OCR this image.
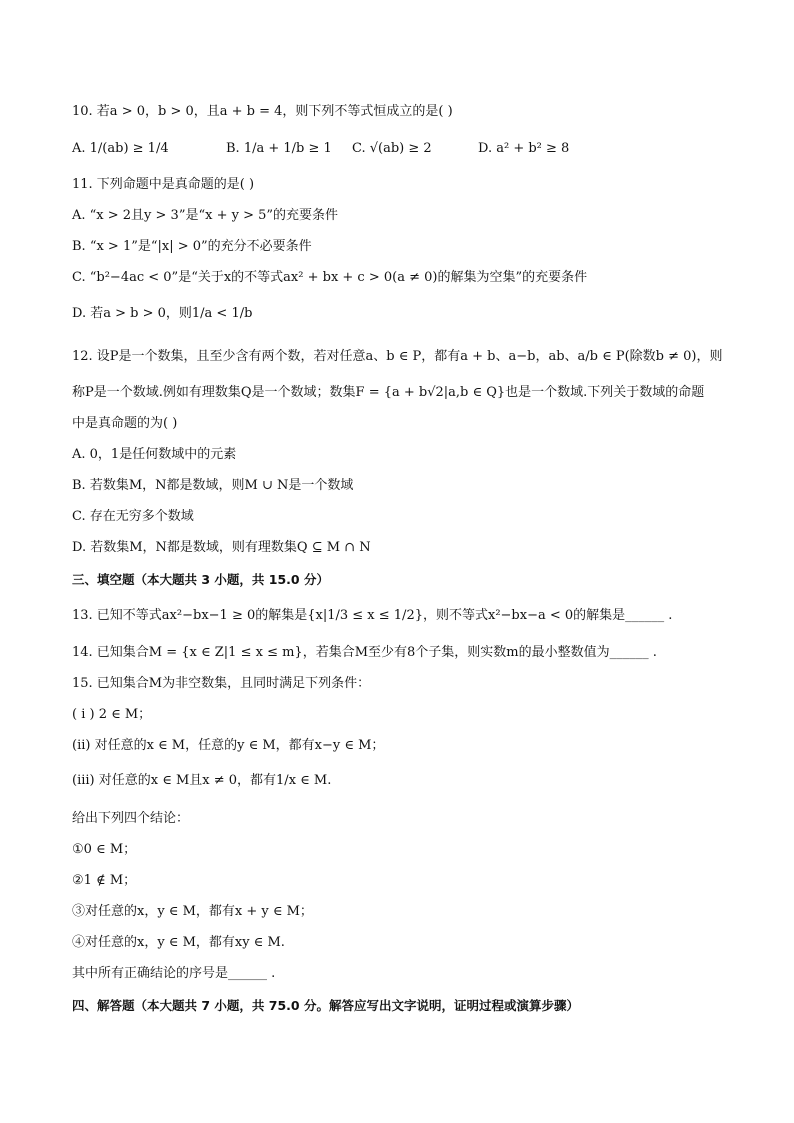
10. 若a > 0，b > 0，且a + b = 4，则下列不等式恒成立的是( )
A. 1/(ab) ≥ 1/4	B. 1/a + 1/b ≥ 1 C. √(ab) ≥ 2	D. a² + b² ≥ 8
11. 下列命题中是真命题的是( )
A. “x > 2且y > 3”是“x + y > 5”的充要条件
B. “x > 1”是“|x| > 0”的充分不必要条件
C. “b²−4ac < 0”是“关于x的不等式ax² + bx + c > 0(a ≠ 0)的解集为空集”的充要条件
D. 若a > b > 0，则1/a < 1/b
12. 设P是一个数集，且至少含有两个数，若对任意a、b ∈ P，都有a + b、a−b，ab、a/b ∈ P(除数b ≠ 0)，则
称P是一个数域.例如有理数集Q是一个数域；数集F = {a + b√2|a,b ∈ Q}也是一个数域.下列关于数域的命题
中是真命题的为( )
A. 0，1是任何数域中的元素
B. 若数集M，N都是数域，则M ∪ N是一个数域
C. 存在无穷多个数域
D. 若数集M，N都是数域，则有理数集Q ⊆ M ∩ N
三、填空题（本大题共 3 小题，共 15.0 分）
13. 已知不等式ax²−bx−1 ≥ 0的解集是{x|1/3 ≤ x ≤ 1/2}，则不等式x²−bx−a < 0的解集是______ .
14. 已知集合M = {x ∈ Z|1 ≤ x ≤ m}，若集合M至少有8个子集，则实数m的最小整数值为______ .
15. 已知集合M为非空数集，且同时满足下列条件：
( i ) 2 ∈ M；
(ii) 对任意的x ∈ M，任意的y ∈ M，都有x−y ∈ M；
(iii) 对任意的x ∈ M且x ≠ 0，都有1/x ∈ M.
给出下列四个结论：
①0 ∈ M；
②1 ∉ M；
③对任意的x，y ∈ M，都有x + y ∈ M；
④对任意的x，y ∈ M，都有xy ∈ M.
其中所有正确结论的序号是______ .
四、解答题（本大题共 7 小题，共 75.0 分。解答应写出文字说明，证明过程或演算步骤）
